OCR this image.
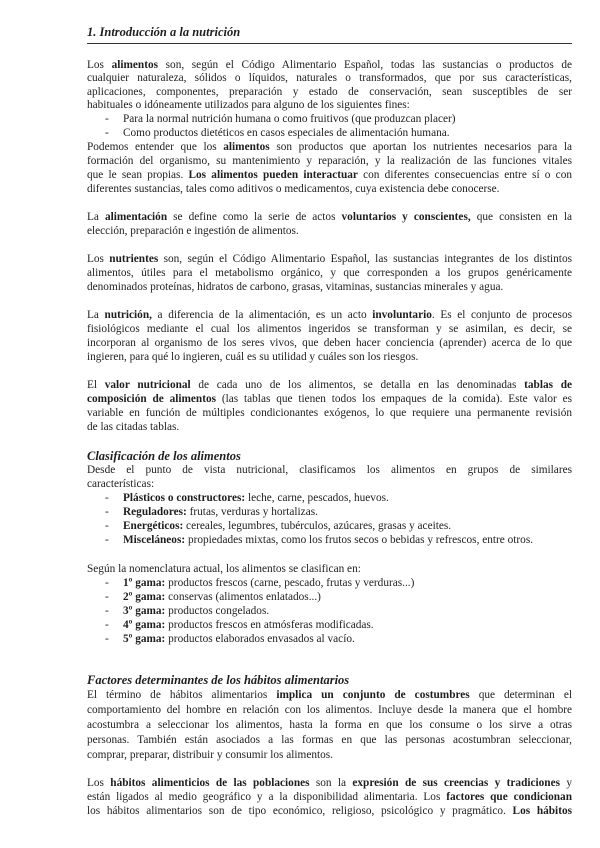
1. Introducción a la nutrición
Los alimentos son, según el Código Alimentario Español, todas las sustancias o productos de
cualquier naturaleza, sólidos o líquidos, naturales o transformados, que por sus características,
aplicaciones, componentes, preparación y estado de conservación, sean susceptibles de ser
habituales o idóneamente utilizados para alguno de los siguientes fines:
- Para la normal nutrición humana o como fruitivos (que produzcan placer)
- Como productos dietéticos en casos especiales de alimentación humana.
Podemos entender que los alimentos son productos que aportan los nutrientes necesarios para la
formación del organismo, su mantenimiento y reparación, y la realización de las funciones vitales
que le sean propias. Los alimentos pueden interactuar con diferentes consecuencias entre sí o con
diferentes sustancias, tales como aditivos o medicamentos, cuya existencia debe conocerse.
La alimentación se define como la serie de actos voluntarios y conscientes, que consisten en la
elección, preparación e ingestión de alimentos.
Los nutrientes son, según el Código Alimentario Español, las sustancias integrantes de los distintos
alimentos, útiles para el metabolismo orgánico, y que corresponden a los grupos genéricamente
denominados proteínas, hidratos de carbono, grasas, vitaminas, sustancias minerales y agua.
La nutrición, a diferencia de la alimentación, es un acto involuntario. Es el conjunto de procesos
fisiológicos mediante el cual los alimentos ingeridos se transforman y se asimilan, es decir, se
incorporan al organismo de los seres vivos, que deben hacer conciencia (aprender) acerca de lo que
ingieren, para qué lo ingieren, cuál es su utilidad y cuáles son los riesgos.
El valor nutricional de cada uno de los alimentos, se detalla en las denominadas tablas de
composición de alimentos (las tablas que tienen todos los empaques de la comida). Este valor es
variable en función de múltiples condicionantes exógenos, lo que requiere una permanente revisión
de las citadas tablas.
Clasificación de los alimentos
Desde el punto de vista nutricional, clasificamos los alimentos en grupos de similares
características:
- Plásticos o constructores: leche, carne, pescados, huevos.
- Reguladores: frutas, verduras y hortalizas.
- Energéticos: cereales, legumbres, tubérculos, azúcares, grasas y aceites.
- Misceláneos: propiedades mixtas, como los frutos secos o bebidas y refrescos, entre otros.
Según la nomenclatura actual, los alimentos se clasifican en:
- 1º gama: productos frescos (carne, pescado, frutas y verduras...)
- 2º gama: conservas (alimentos enlatados...)
- 3º gama: productos congelados.
- 4º gama: productos frescos en atmósferas modificadas.
- 5º gama: productos elaborados envasados al vacío.
Factores determinantes de los hábitos alimentarios
El término de hábitos alimentarios implica un conjunto de costumbres que determinan el
comportamiento del hombre en relación con los alimentos. Incluye desde la manera que el hombre
acostumbra a seleccionar los alimentos, hasta la forma en que los consume o los sirve a otras
personas. También están asociados a las formas en que las personas acostumbran seleccionar,
comprar, preparar, distribuir y consumir los alimentos.
Los hábitos alimenticios de las poblaciones son la expresión de sus creencias y tradiciones y
están ligados al medio geográfico y a la disponibilidad alimentaria. Los factores que condicionan
los hábitos alimentarios son de tipo económico, religioso, psicológico y pragmático. Los hábitos
